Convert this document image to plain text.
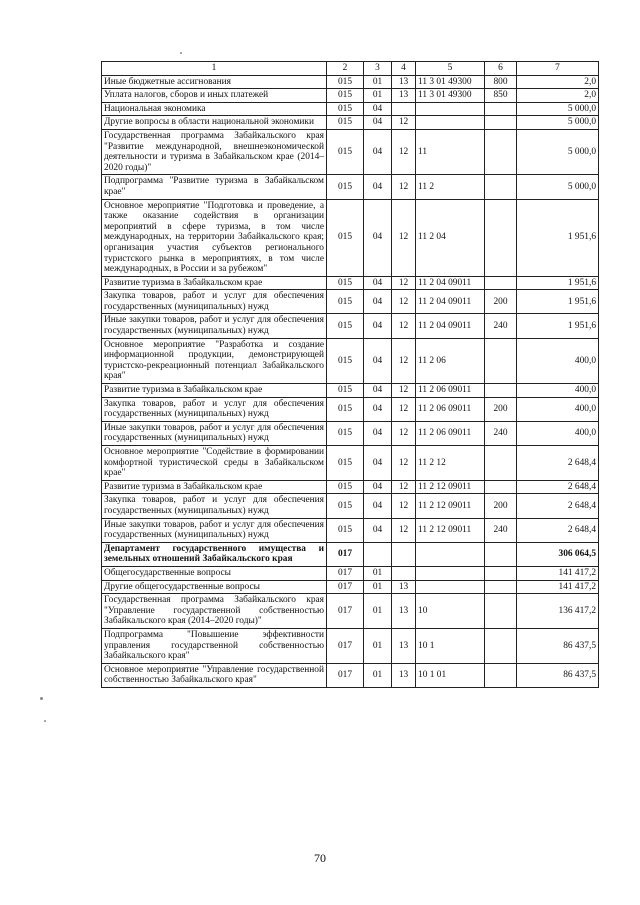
1	2	3	4	5	6	7
Иные бюджетные ассигнования	015	01	13	11 3 01 49300	800	2,0
Уплата налогов, сборов и иных платежей	015	01	13	11 3 01 49300	850	2,0
Национальная экономика	015	04				5 000,0
Другие вопросы в области национальной экономики	015	04	12			5 000,0
Государственная программа Забайкальского края "Развитие международной, внешнеэкономической деятельности и туризма в Забайкальском крае (2014–2020 годы)"	015	04	12	11		5 000,0
Подпрограмма "Развитие туризма в Забайкальском крае"	015	04	12	11 2		5 000,0
Основное мероприятие "Подготовка и проведение, а также оказание содействия в организации мероприятий в сфере туризма, в том числе международных, на территории Забайкальского края; организация участия субъектов регионального туристского рынка в мероприятиях, в том числе международных, в России и за рубежом"	015	04	12	11 2 04		1 951,6
Развитие туризма в Забайкальском крае	015	04	12	11 2 04 09011		1 951,6
Закупка товаров, работ и услуг для обеспечения государственных (муниципальных) нужд	015	04	12	11 2 04 09011	200	1 951,6
Иные закупки товаров, работ и услуг для обеспечения государственных (муниципальных) нужд	015	04	12	11 2 04 09011	240	1 951,6
Основное мероприятие "Разработка и создание информационной продукции, демонстрирующей туристско-рекреационный потенциал Забайкальского края"	015	04	12	11 2 06		400,0
Развитие туризма в Забайкальском крае	015	04	12	11 2 06 09011		400,0
Закупка товаров, работ и услуг для обеспечения государственных (муниципальных) нужд	015	04	12	11 2 06 09011	200	400,0
Иные закупки товаров, работ и услуг для обеспечения государственных (муниципальных) нужд	015	04	12	11 2 06 09011	240	400,0
Основное мероприятие "Содействие в формировании комфортной туристической среды в Забайкальском крае"	015	04	12	11 2 12		2 648,4
Развитие туризма в Забайкальском крае	015	04	12	11 2 12 09011		2 648,4
Закупка товаров, работ и услуг для обеспечения государственных (муниципальных) нужд	015	04	12	11 2 12 09011	200	2 648,4
Иные закупки товаров, работ и услуг для обеспечения государственных (муниципальных) нужд	015	04	12	11 2 12 09011	240	2 648,4
Департамент государственного имущества и земельных отношений Забайкальского края	017					306 064,5
Общегосударственные вопросы	017	01				141 417,2
Другие общегосударственные вопросы	017	01	13			141 417,2
Государственная программа Забайкальского края "Управление государственной собственностью Забайкальского края (2014–2020 годы)"	017	01	13	10		136 417,2
Подпрограмма "Повышение эффективности управления государственной собственностью Забайкальского края"	017	01	13	10 1		86 437,5
Основное мероприятие "Управление государственной собственностью Забайкальского края"	017	01	13	10 1 01		86 437,5
70
